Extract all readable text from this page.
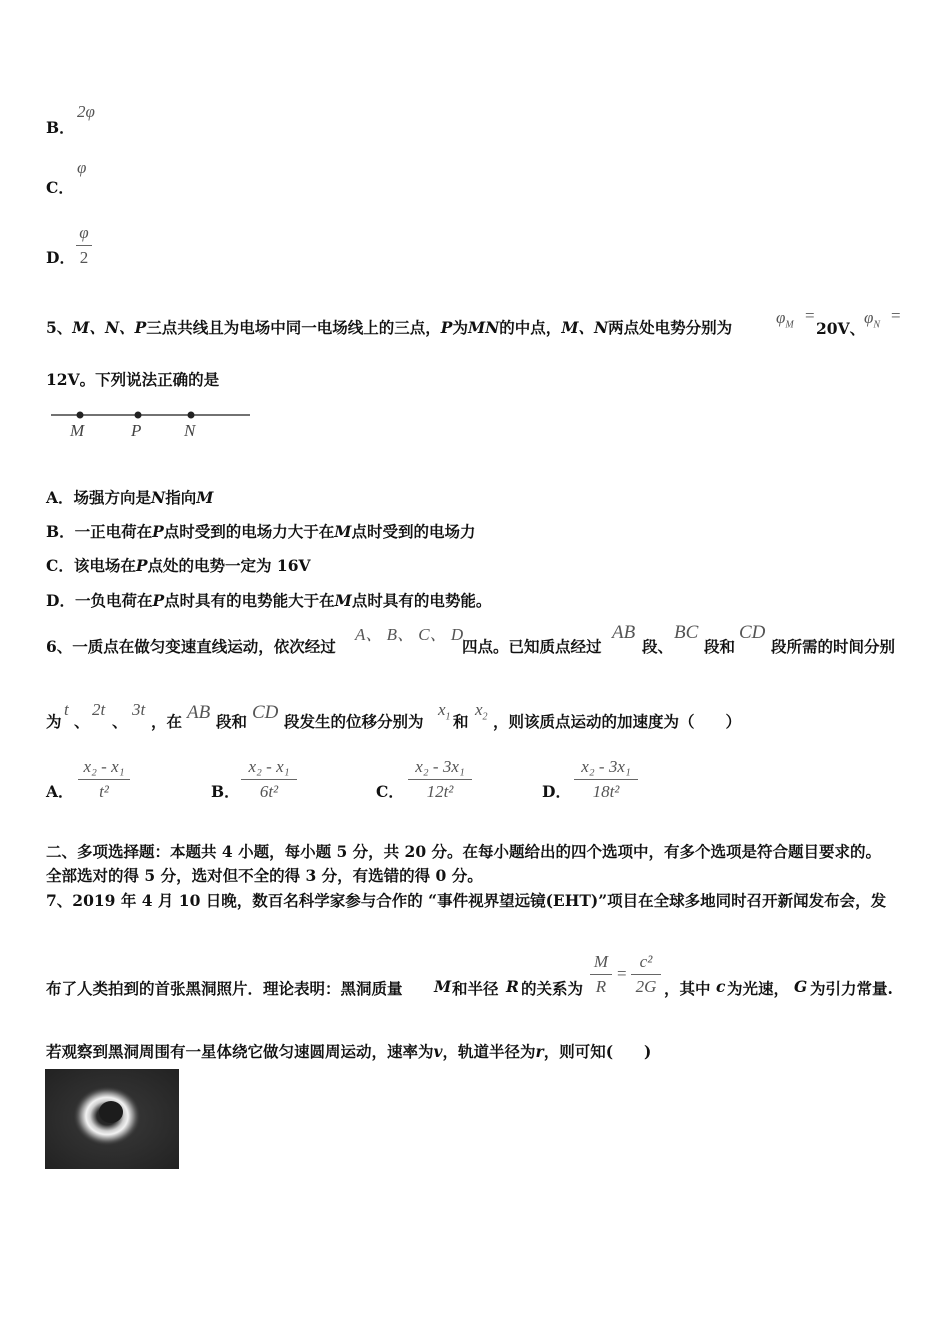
B．
2φ
C．
φ
D．
φ
2
5、M、N、P三点共线且为电场中同一电场线上的三点，P为MN的中点，M、N两点处电势分别为
$\varphi_M$ =
20V、
$\varphi_N$ =
12V。下列说法正确的是
M	P	N
A．场强方向是N指向M
B．一正电荷在P点时受到的电场力大于在M点时受到的电场力
C．该电场在P点处的电势一定为 16V
D．一负电荷在P点时具有的电势能大于在M点时具有的电势能。
6、一质点在做匀变速直线运动，依次经过
A、 B、 C、 D
四点。已知质点经过
AB
段、
BC
段和
CD
段所需的时间分别
为
t
、
2t
、
3t
，在 AB 段和 CD 段发生的位移分别为
$x_1$ 和
$x_2$ ，则该质点运动的加速度为（　　）
A．
x₂ - x₁
t²	B．
x₂ - x₁
6t²	C．
x₂ - 3x₁
12t²	D．
x₂ - 3x₁
18t²
二、多项选择题：本题共 4 小题，每小题 5 分，共 20 分。在每小题给出的四个选项中，有多个选项是符合题目要求的。
全部选对的得 5 分，选对但不全的得 3 分，有选错的得 0 分。
7、2019 年 4 月 10 日晚，数百名科学家参与合作的 “事件视界望远镜(EHT)”项目在全球多地同时召开新闻发布会，发
布了人类拍到的首张黑洞照片．理论表明：黑洞质量 M 和半径 R 的关系为
M
R
=
c²
2G ，其中 c 为光速， G 为引力常量.
若观察到黑洞周围有一星体绕它做匀速圆周运动，速率为v，轨道半径为r，则可知(　　)
